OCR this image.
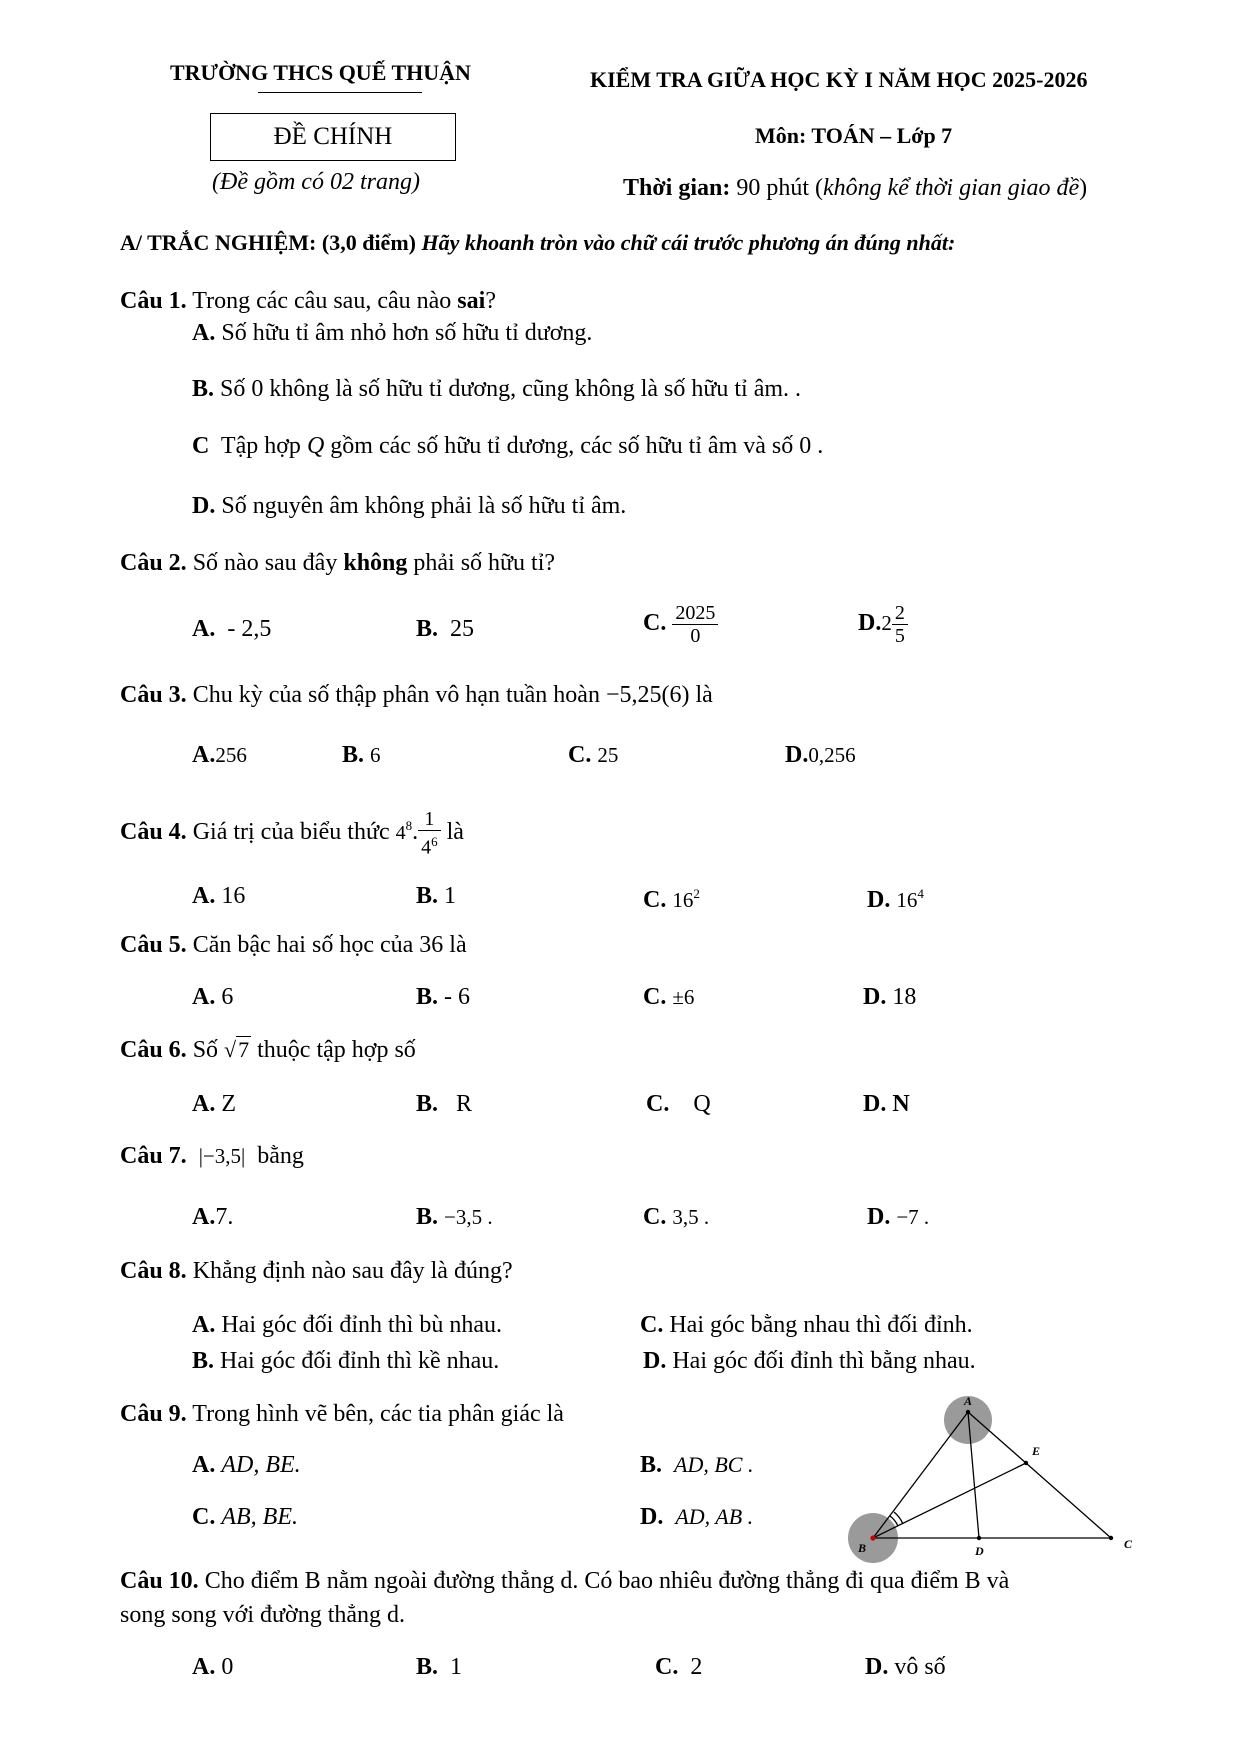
TRƯỜNG THCS QUẾ THUẬN	KIỂM TRA GIỮA HỌC KỲ I NĂM HỌC 2025-2026
ĐỀ CHÍNH
(Đề gồm có 02 trang)
Môn: TOÁN – Lớp 7
Thời gian: 90 phút (không kể thời gian giao đề)
A/ TRẮC NGHIỆM: (3,0 điểm) Hãy khoanh tròn vào chữ cái trước phương án đúng nhất:
Câu 1. Trong các câu sau, câu nào sai?
A. Số hữu tỉ âm nhỏ hơn số hữu tỉ dương.
B. Số 0 không là số hữu tỉ dương, cũng không là số hữu tỉ âm. .
C Tập hợp Q gồm các số hữu tỉ dương, các số hữu tỉ âm và số 0 .
D. Số nguyên âm không phải là số hữu tỉ âm.
Câu 2. Số nào sau đây không phải số hữu tỉ?
A. - 2,5	B. 25	C. $\frac{2025}{0}$	$D.2 \frac{2}{5}$
Câu 3. Chu kỳ của số thập phân vô hạn tuần hoàn −5,25(6) là
A.256	B. 6	C. 25	D.0,256
Câu 4. Giá trị của biểu thức $4^8$. $\frac{1}{4^6}$ là
A. 16	B. 1	C. $16^2$	D. $16^4$
Câu 5. Căn bậc hai số học của 36 là
A. 6	B. - 6	C. ±6	D. 18
Câu 6. Số √7 thuộc tập hợp số
A. Z	B. R	C. Q	D. N
Câu 7. |−3,5| bằng
A.7.	B. −3,5 .	C. 3,5 .	D. −7 .
Câu 8. Khẳng định nào sau đây là đúng?
A. Hai góc đối đỉnh thì bù nhau.	C. Hai góc bằng nhau thì đối đỉnh.
B. Hai góc đối đỉnh thì kề nhau.	D. Hai góc đối đỉnh thì bằng nhau.
Câu 9. Trong hình vẽ bên, các tia phân giác là
A. AD, BE.	B. AD, BC .
C. AB, BE.	D. AD, AB .
A
B	C
D
E
Câu 10. Cho điểm B nằm ngoài đường thẳng d. Có bao nhiêu đường thẳng đi qua điểm B và
song song với đường thẳng d.
A. 0	B. 1	C. 2	D. vô số
